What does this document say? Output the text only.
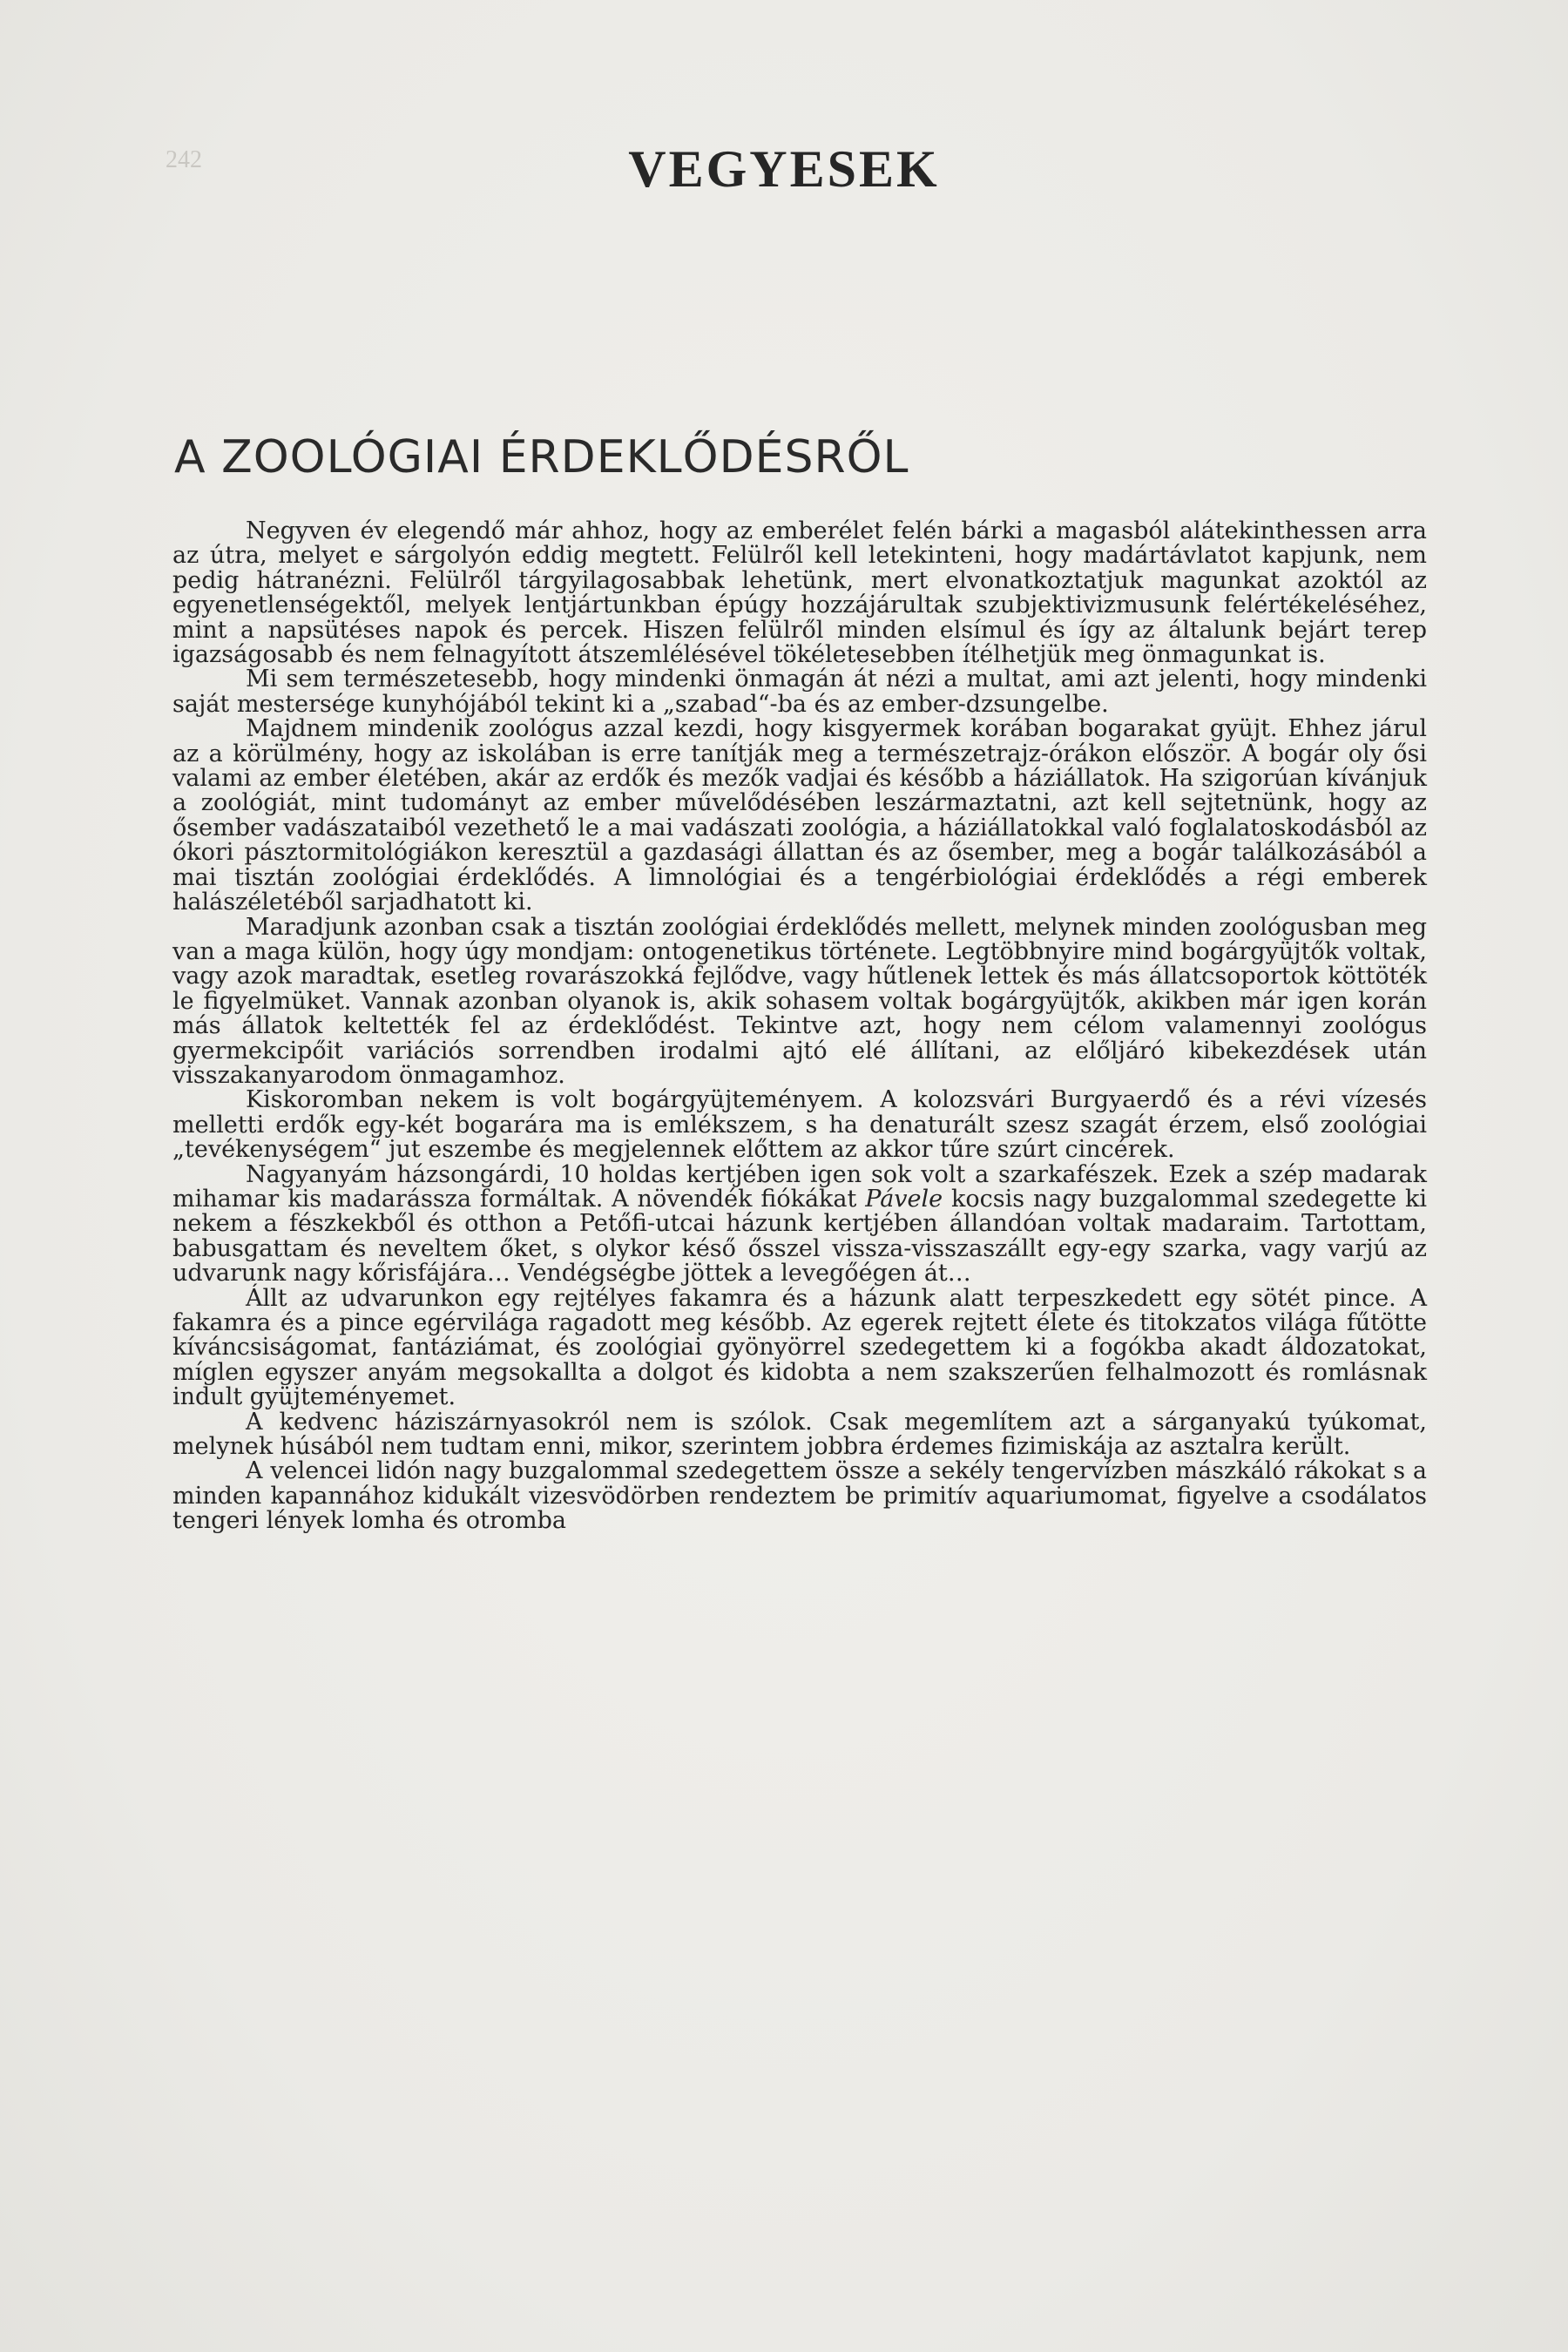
242	VEGYESEK
A ZOOLÓGIAI ÉRDEKLŐDÉSRŐL

Negyven év elegendő már ahhoz, hogy az emberélet felén bárki a magasból alátekinthessen arra az útra, melyet e sárgolyón eddig megtett. Felülről kell letekinteni, hogy madártávlatot kapjunk, nem pedig hátranézni. Felülről tárgyilagosabbak lehetünk, mert elvonatkoztatjuk magunkat azoktól az egyenetlenségektől, melyek lentjártunkban épúgy hozzájárultak szubjektivizmusunk felértékeléséhez, mint a napsütéses napok és percek. Hiszen felülről minden elsímul és így az általunk bejárt terep igazságosabb és nem felnagyított átszemlélésével tökéletesebben ítélhetjük meg önmagunkat is.

Mi sem természetesebb, hogy mindenki önmagán át nézi a multat, ami azt jelenti, hogy mindenki saját mestersége kunyhójából tekint ki a „szabad“-ba és az ember-dzsungelbe.

Majdnem mindenik zoológus azzal kezdi, hogy kisgyermek korában bogarakat gyüjt. Ehhez járul az a körülmény, hogy az iskolában is erre tanítják meg a természetrajz-órákon először. A bogár oly ősi valami az ember életében, akár az erdők és mezők vadjai és később a háziállatok. Ha szigorúan kívánjuk a zoológiát, mint tudományt az ember művelődésében leszármaztatni, azt kell sejtetnünk, hogy az ősember vadászataiból vezethető le a mai vadászati zoológia, a háziállatokkal való foglalatoskodásból az ókori pásztormitológiákon keresztül a gazdasági állattan és az ősember, meg a bogár találkozásából a mai tisztán zoológiai érdeklődés. A limnológiai és a tengérbiológiai érdeklődés a régi emberek halászéletéből sarjadhatott ki.

Maradjunk azonban csak a tisztán zoológiai érdeklődés mellett, melynek minden zoológusban meg van a maga külön, hogy úgy mondjam: ontogenetikus története. Legtöbbnyire mind bogárgyüjtők voltak, vagy azok maradtak, esetleg rovarászokká fejlődve, vagy hűtlenek lettek és más állatcsoportok köttöték le figyelmüket. Vannak azonban olyanok is, akik sohasem voltak bogárgyüjtők, akikben már igen korán más állatok keltették fel az érdeklődést. Tekintve azt, hogy nem célom valamennyi zoológus gyermekcipőit variációs sorrendben irodalmi ajtó elé állítani, az előljáró kibekezdések után visszakanyarodom önmagamhoz.

Kiskoromban nekem is volt bogárgyüjteményem. A kolozsvári Burgyaerdő és a révi vízesés melletti erdők egy-két bogarára ma is emlékszem, s ha denaturált szesz szagát érzem, első zoológiai „tevékenységem“ jut eszembe és megjelennek előttem az akkor tűre szúrt cincérek.

Nagyanyám házsongárdi, 10 holdas kertjében igen sok volt a szarkafészek. Ezek a szép madarak mihamar kis madarássza formáltak. A növendék fiókákat Pávele kocsis nagy buzgalommal szedegette ki nekem a fészkekből és otthon a Petőfi-utcai házunk kertjében állandóan voltak madaraim. Tartottam, babusgattam és neveltem őket, s olykor késő ősszel vissza-visszaszállt egy-egy szarka, vagy varjú az udvarunk nagy kőrisfájára… Vendégségbe jöttek a levegőégen át…

Állt az udvarunkon egy rejtélyes fakamra és a házunk alatt terpeszkedett egy sötét pince. A fakamra és a pince egérvilága ragadott meg később. Az egerek rejtett élete és titokzatos világa fűtötte kíváncsiságomat, fantáziámat, és zoológiai gyönyörrel szedegettem ki a fogókba akadt áldozatokat, míglen egyszer anyám megsokallta a dolgot és kidobta a nem szakszerűen felhalmozott és romlásnak indult gyüjteményemet.

A kedvenc háziszárnyasokról nem is szólok. Csak megemlítem azt a sárganyakú tyúkomat, melynek húsából nem tudtam enni, mikor, szerintem jobbra érdemes fizimiskája az asztalra került.

A velencei lidón nagy buzgalommal szedegettem össze a sekély tengervízben mászkáló rákokat s a minden kapannához kidukált vizesvödörben rendeztem be primitív aquariumomat, figyelve a csodálatos tengeri lények lomha és otromba
